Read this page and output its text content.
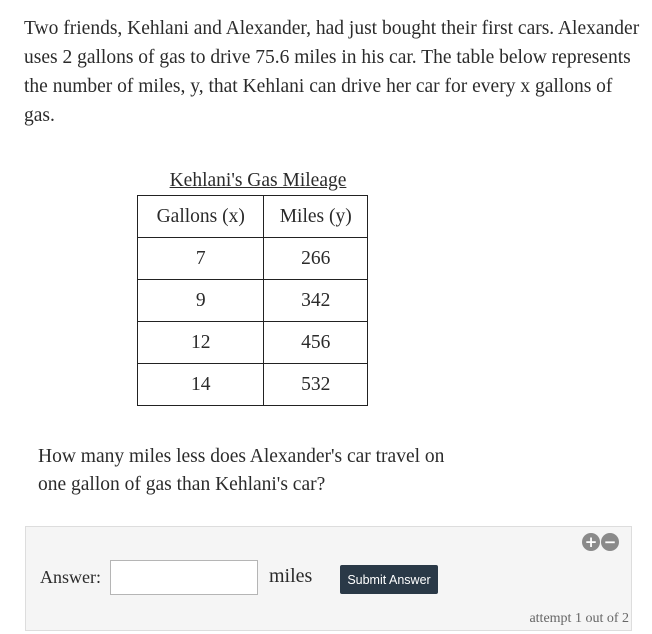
Two friends, Kehlani and Alexander, had just bought their first cars. Alexander uses 2 gallons of gas to drive 75.6 miles in his car. The table below represents the number of miles, y, that Kehlani can drive her car for every x gallons of gas.
Kehlani's Gas Mileage
Gallons (x)	Miles (y)
7	266
9	342
12	456
14	532
How many miles less does Alexander's car travel on one gallon of gas than Kehlani's car?
+ −
Answer:	miles	Submit Answer
attempt 1 out of 2
